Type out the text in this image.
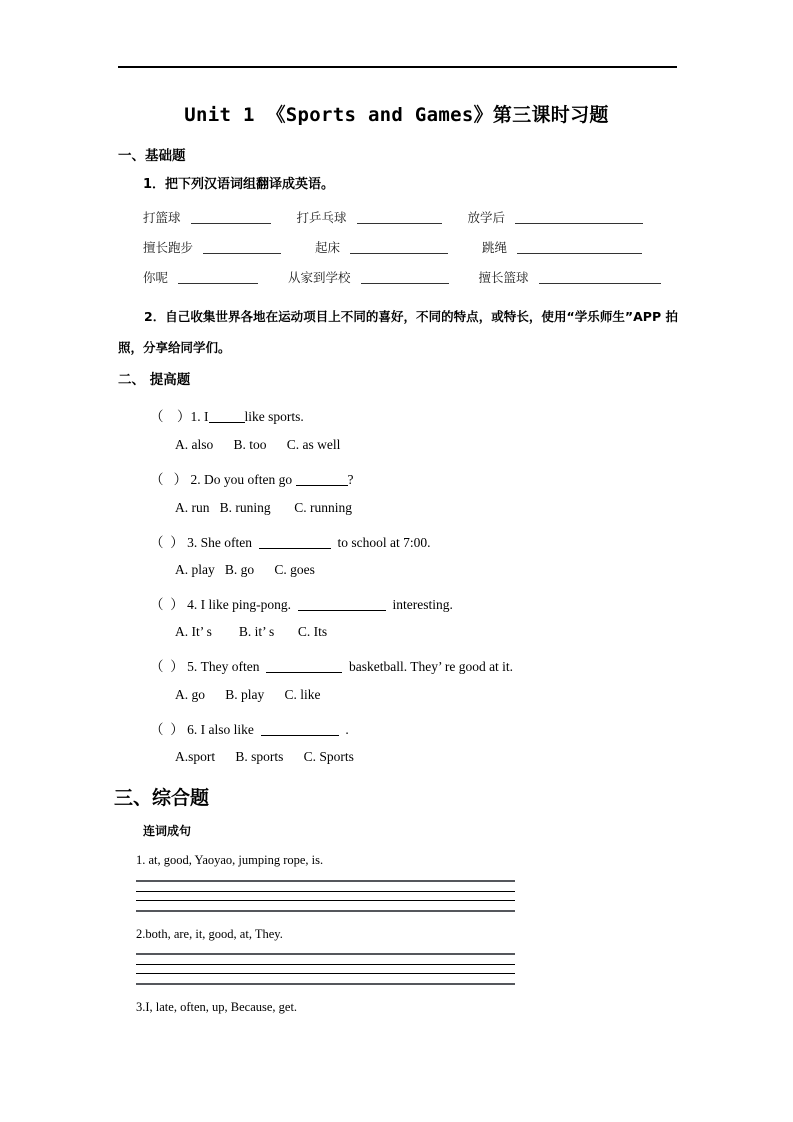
Unit 1 《Sports and Games》第三课时习题
一、基础题
1．把下列汉语词组翻译成英语。
打篮球	打乒乓球	放学后
擅长跑步	起床	跳绳
你呢	从家到学校	擅长篮球
2．自己收集世界各地在运动项目上不同的喜好，不同的特点，或特长，使用“学乐师生”APP 拍照，分享给同学们。
二、 提高题
（    ）1. I	like sports.
A. also      B. too      C. as well
（   ） 2. Do you often go	?
A. run   B. runing       C. running
（  ） 3. She often	to school at 7:00.
A. play   B. go      C. goes
（  ） 4. I like ping-pong.	interesting.
A. It’ s        B. it’ s       C. Its
（  ） 5. They often	basketball. They’ re good at it.
A. go      B. play      C. like
（  ） 6. I also like	.
A.sport      B. sports      C. Sports
三、综合题
连词成句
1. at, good, Yaoyao, jumping rope, is.
2.both, are, it, good, at, They.
3.I, late, often, up, Because, get.
